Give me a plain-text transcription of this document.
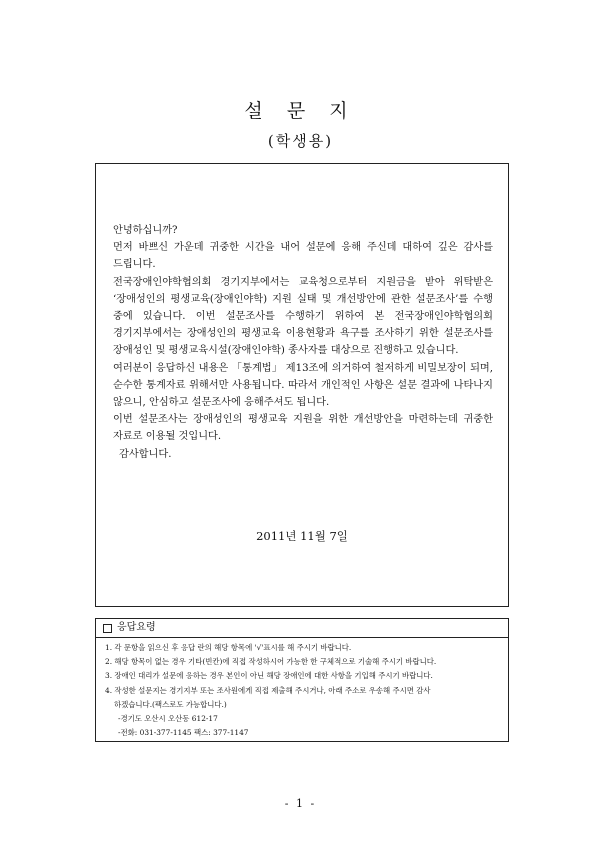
설 문 지
(학생용)

안녕하십니까?

먼저 바쁘신 가운데 귀중한 시간을 내어 설문에 응해 주신데 대하여 깊은 감사를 드립니다.

전국장애인야학협의회 경기지부에서는 교육청으로부터 지원금을 받아 위탁받은 ‘장애성인의 평생교육(장애인야학) 지원 실태 및 개선방안에 관한 설문조사’를 수행 중에 있습니다. 이번 설문조사를 수행하기 위하여 본 전국장애인야학협의회 경기지부에서는 장애성인의 평생교육 이용현황과 욕구를 조사하기 위한 설문조사를 장애성인 및 평생교육시설(장애인야학) 종사자를 대상으로 진행하고 있습니다.

여러분이 응답하신 내용은 「통계법」 제13조에 의거하여 철저하게 비밀보장이 되며, 순수한 통계자료 위해서만 사용됩니다. 따라서 개인적인 사항은 설문 결과에 나타나지 않으니, 안심하고 설문조사에 응해주셔도 됩니다.

이번 설문조사는 장애성인의 평생교육 지원을 위한 개선방안을 마련하는데 귀중한 자료로 이용될 것입니다.

감사합니다.

2011년 11월 7일
응답요령

1. 각 문항을 읽으신 후 응답 란의 해당 항목에 '√'표시를 해 주시기 바랍니다.

2. 해당 항목이 없는 경우 기타(빈칸)에 직접 작성하시어 가능한 한 구체적으로 기술해 주시기 바랍니다.

3. 장애인 대리가 설문에 응하는 경우 본인이 아닌 해당 장애인에 대한 사항을 기입해 주시기 바랍니다.

4. 작성한 설문지는 경기지부 또는 조사원에게 직접 제출해 주시거나, 아래 주소로 우송해 주시면 감사

하겠습니다.(팩스로도 가능합니다.)

-경기도 오산시 오산동 612-17

-전화: 031-377-1145 팩스: 377-1147

- 1 -
